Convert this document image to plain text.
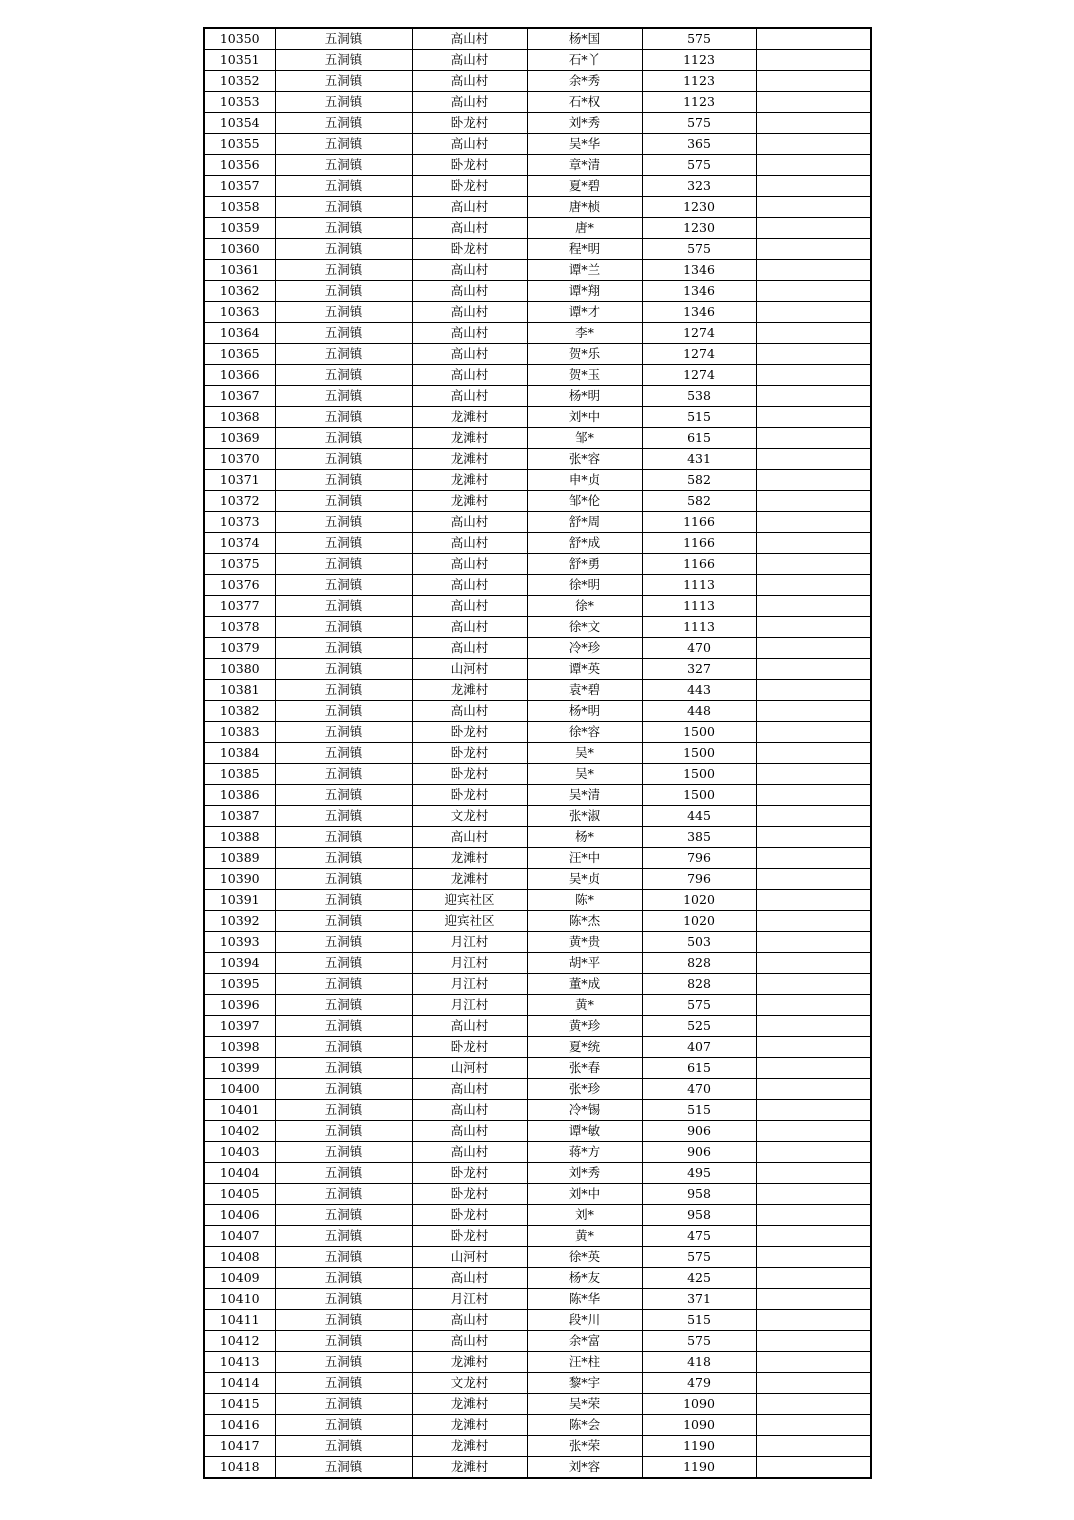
10350	五洞镇	高山村	杨*国	575	
10351	五洞镇	高山村	石*丫	1123	
10352	五洞镇	高山村	余*秀	1123	
10353	五洞镇	高山村	石*权	1123	
10354	五洞镇	卧龙村	刘*秀	575	
10355	五洞镇	高山村	吴*华	365	
10356	五洞镇	卧龙村	章*清	575	
10357	五洞镇	卧龙村	夏*碧	323	
10358	五洞镇	高山村	唐*桢	1230	
10359	五洞镇	高山村	唐*	1230	
10360	五洞镇	卧龙村	程*明	575	
10361	五洞镇	高山村	谭*兰	1346	
10362	五洞镇	高山村	谭*翔	1346	
10363	五洞镇	高山村	谭*才	1346	
10364	五洞镇	高山村	李*	1274	
10365	五洞镇	高山村	贺*乐	1274	
10366	五洞镇	高山村	贺*玉	1274	
10367	五洞镇	高山村	杨*明	538	
10368	五洞镇	龙滩村	刘*中	515	
10369	五洞镇	龙滩村	邹*	615	
10370	五洞镇	龙滩村	张*容	431	
10371	五洞镇	龙滩村	申*贞	582	
10372	五洞镇	龙滩村	邹*伦	582	
10373	五洞镇	高山村	舒*周	1166	
10374	五洞镇	高山村	舒*成	1166	
10375	五洞镇	高山村	舒*勇	1166	
10376	五洞镇	高山村	徐*明	1113	
10377	五洞镇	高山村	徐*	1113	
10378	五洞镇	高山村	徐*文	1113	
10379	五洞镇	高山村	冷*珍	470	
10380	五洞镇	山河村	谭*英	327	
10381	五洞镇	龙滩村	袁*碧	443	
10382	五洞镇	高山村	杨*明	448	
10383	五洞镇	卧龙村	徐*容	1500	
10384	五洞镇	卧龙村	吴*	1500	
10385	五洞镇	卧龙村	吴*	1500	
10386	五洞镇	卧龙村	吴*清	1500	
10387	五洞镇	文龙村	张*淑	445	
10388	五洞镇	高山村	杨*	385	
10389	五洞镇	龙滩村	汪*中	796	
10390	五洞镇	龙滩村	吴*贞	796	
10391	五洞镇	迎宾社区	陈*	1020	
10392	五洞镇	迎宾社区	陈*杰	1020	
10393	五洞镇	月江村	黄*贵	503	
10394	五洞镇	月江村	胡*平	828	
10395	五洞镇	月江村	董*成	828	
10396	五洞镇	月江村	黄*	575	
10397	五洞镇	高山村	黄*珍	525	
10398	五洞镇	卧龙村	夏*统	407	
10399	五洞镇	山河村	张*春	615	
10400	五洞镇	高山村	张*珍	470	
10401	五洞镇	高山村	冷*锡	515	
10402	五洞镇	高山村	谭*敏	906	
10403	五洞镇	高山村	蒋*方	906	
10404	五洞镇	卧龙村	刘*秀	495	
10405	五洞镇	卧龙村	刘*中	958	
10406	五洞镇	卧龙村	刘*	958	
10407	五洞镇	卧龙村	黄*	475	
10408	五洞镇	山河村	徐*英	575	
10409	五洞镇	高山村	杨*友	425	
10410	五洞镇	月江村	陈*华	371	
10411	五洞镇	高山村	段*川	515	
10412	五洞镇	高山村	余*富	575	
10413	五洞镇	龙滩村	汪*柱	418	
10414	五洞镇	文龙村	黎*宇	479	
10415	五洞镇	龙滩村	吴*荣	1090	
10416	五洞镇	龙滩村	陈*会	1090	
10417	五洞镇	龙滩村	张*荣	1190	
10418	五洞镇	龙滩村	刘*容	1190	
